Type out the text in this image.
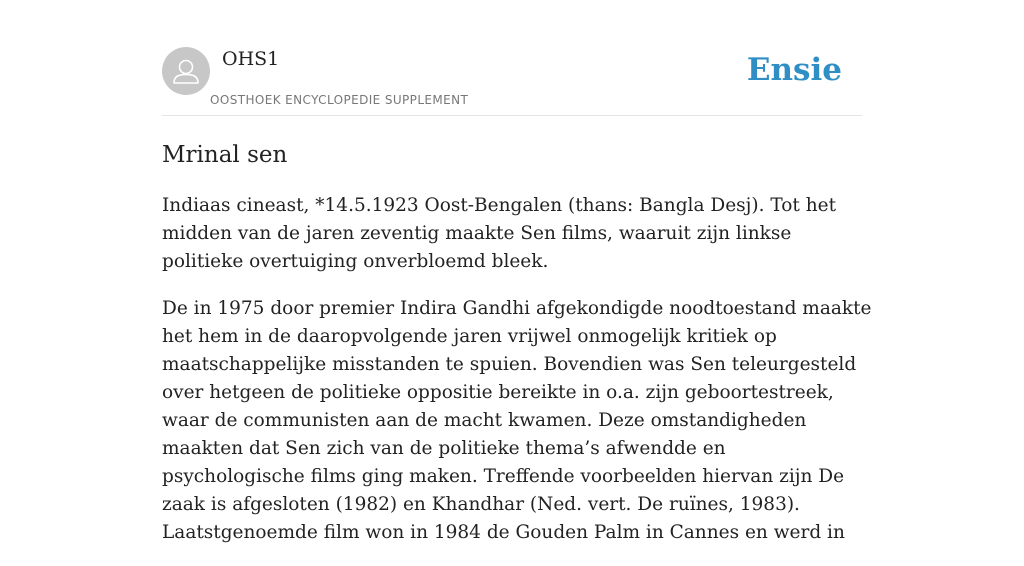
OHS1
OOSTHOEK ENCYCLOPEDIE SUPPLEMENT
Ensie
Mrinal sen

Indiaas cineast, *14.5.1923 Oost-Bengalen (thans: Bangla Desj). Tot het midden van de jaren zeventig maakte Sen films, waaruit zijn linkse politieke overtuiging onverbloemd bleek.

De in 1975 door premier Indira Gandhi afgekondigde noodtoestand maakte het hem in de daaropvolgende jaren vrijwel onmogelijk kritiek op maatschappelijke misstanden te spuien. Bovendien was Sen teleurgesteld over hetgeen de politieke oppositie bereikte in o.a. zijn geboortestreek, waar de communisten aan de macht kwamen. Deze omstandigheden maakten dat Sen zich van de politieke thema’s afwendde en psychologische films ging maken. Treffende voorbeelden hiervan zijn De zaak is afgesloten (1982) en Khandhar (Ned. vert. De ruïnes, 1983). Laatstgenoemde film won in 1984 de Gouden Palm in Cannes en werd in
